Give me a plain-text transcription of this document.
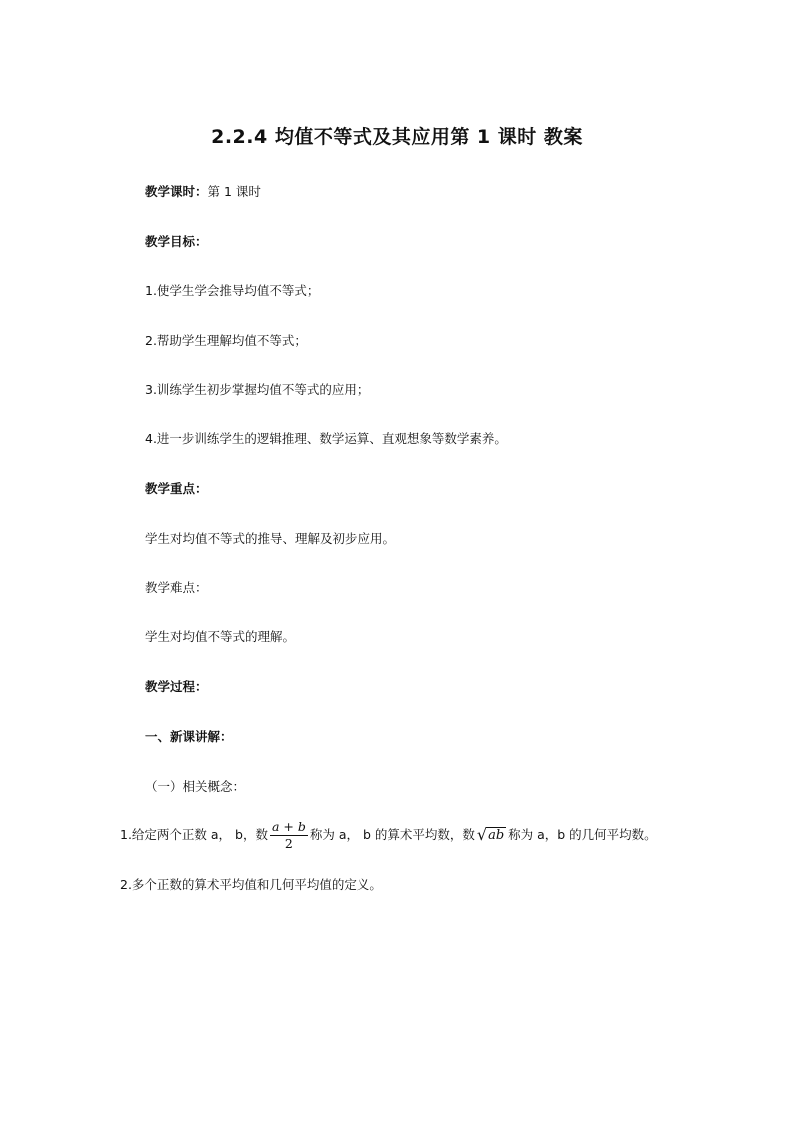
2.2.4 均值不等式及其应用第 1 课时 教案
教学课时：第 1 课时
教学目标：
1.使学生学会推导均值不等式；
2.帮助学生理解均值不等式；
3.训练学生初步掌握均值不等式的应用；
4.进一步训练学生的逻辑推理、数学运算、直观想象等数学素养。
教学重点：
学生对均值不等式的推导、理解及初步应用。
教学难点：
学生对均值不等式的理解。
教学过程：
一、新课讲解：
（一）相关概念：
1.给定两个正数 a， b，数 $\frac{a + b}{2}$ 称为 a， b 的算术平均数，数 √ab 称为 a，b 的几何平均数。
2.多个正数的算术平均值和几何平均值的定义。
